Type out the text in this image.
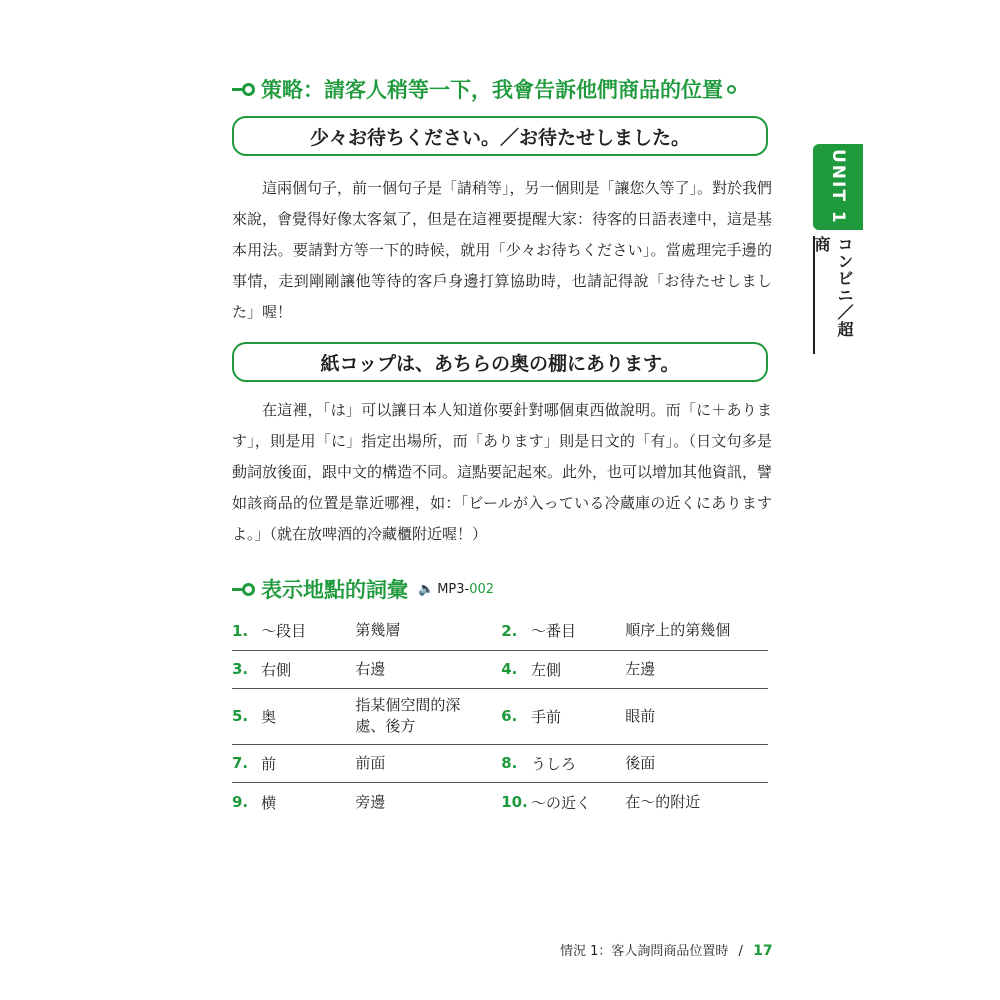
策略：請客人稍等一下，我會告訴他們商品的位置
少々お待ちください。／お待たせしました。

這兩個句子，前一個句子是「請稍等」，另一個則是「讓您久等了」。對於我們來說，會覺得好像太客氣了，但是在這裡要提醒大家：待客的日語表達中，這是基本用法。要請對方等一下的時候，就用「少々お待ちください」。當處理完手邊的事情，走到剛剛讓他等待的客戶身邊打算協助時，也請記得說「お待たせしました」喔！

紙コップは、あちらの奥の棚にあります。

在這裡，「は」可以讓日本人知道你要針對哪個東西做說明。而「に＋あります」，則是用「に」指定出場所，而「あります」則是日文的「有」。（日文句多是動詞放後面，跟中文的構造不同。這點要記起來。此外，也可以增加其他資訊，譬如該商品的位置是靠近哪裡，如：「ビールが入っている冷蔵庫の近くにありますよ。」（就在放啤酒的冷藏櫃附近喔！）

表示地點的詞彙 🔈 MP3- 002
1.	～段目	第幾層	2.	～番目	順序上的第幾個
3.	右側	右邊	4.	左側	左邊
5.	奥	指某個空間的深處、後方	6.	手前	眼前
7.	前	前面	8.	うしろ	後面
9.	横	旁邊	10.	～の近く	在～的附近
UNIT 1
コンビニ／超商
情況 1：客人詢問商品位置時 / 17
